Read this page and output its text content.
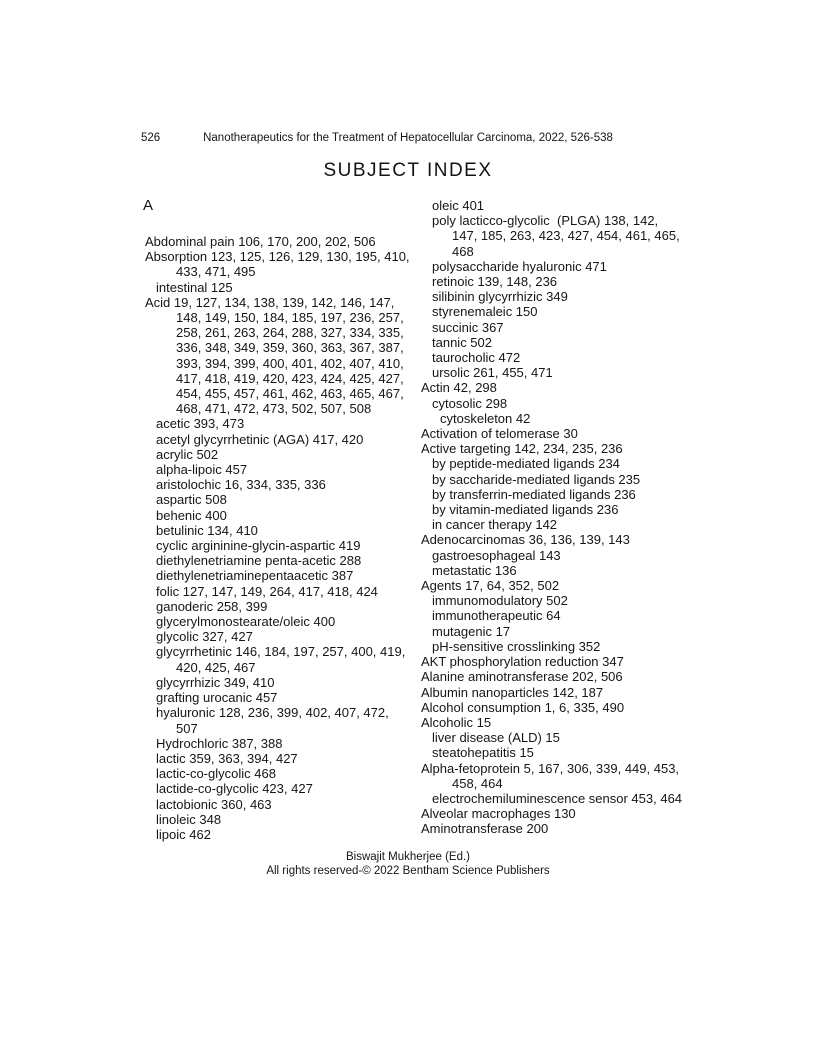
526	Nanotherapeutics for the Treatment of Hepatocellular Carcinoma, 2022, 526-538
SUBJECT INDEX
A
Abdominal pain 106, 170, 200, 202, 506
Absorption 123, 125, 126, 129, 130, 195, 410,
433, 471, 495
intestinal 125
Acid 19, 127, 134, 138, 139, 142, 146, 147,
148, 149, 150, 184, 185, 197, 236, 257,
258, 261, 263, 264, 288, 327, 334, 335,
336, 348, 349, 359, 360, 363, 367, 387,
393, 394, 399, 400, 401, 402, 407, 410,
417, 418, 419, 420, 423, 424, 425, 427,
454, 455, 457, 461, 462, 463, 465, 467,
468, 471, 472, 473, 502, 507, 508
acetic 393, 473
acetyl glycyrrhetinic (AGA) 417, 420
acrylic 502
alpha-lipoic 457
aristolochic 16, 334, 335, 336
aspartic 508
behenic 400
betulinic 134, 410
cyclic argininine-glycin-aspartic 419
diethylenetriamine penta-acetic 288
diethylenetriaminepentaacetic 387
folic 127, 147, 149, 264, 417, 418, 424
ganoderic 258, 399
glycerylmonostearate/oleic 400
glycolic 327, 427
glycyrrhetinic 146, 184, 197, 257, 400, 419,
420, 425, 467
glycyrrhizic 349, 410
grafting urocanic 457
hyaluronic 128, 236, 399, 402, 407, 472,
507
Hydrochloric 387, 388
lactic 359, 363, 394, 427
lactic-co-glycolic 468
lactide-co-glycolic 423, 427
lactobionic 360, 463
linoleic 348
lipoic 462
oleic 401
poly lacticco-glycolic  (PLGA) 138, 142,
147, 185, 263, 423, 427, 454, 461, 465,
468
polysaccharide hyaluronic 471
retinoic 139, 148, 236
silibinin glycyrrhizic 349
styrenemaleic 150
succinic 367
tannic 502
taurocholic 472
ursolic 261, 455, 471
Actin 42, 298
cytosolic 298
cytoskeleton 42
Activation of telomerase 30
Active targeting 142, 234, 235, 236
by peptide-mediated ligands 234
by saccharide-mediated ligands 235
by transferrin-mediated ligands 236
by vitamin-mediated ligands 236
in cancer therapy 142
Adenocarcinomas 36, 136, 139, 143
gastroesophageal 143
metastatic 136
Agents 17, 64, 352, 502
immunomodulatory 502
immunotherapeutic 64
mutagenic 17
pH-sensitive crosslinking 352
AKT phosphorylation reduction 347
Alanine aminotransferase 202, 506
Albumin nanoparticles 142, 187
Alcohol consumption 1, 6, 335, 490
Alcoholic 15
liver disease (ALD) 15
steatohepatitis 15
Alpha-fetoprotein 5, 167, 306, 339, 449, 453,
458, 464
electrochemiluminescence sensor 453, 464
Alveolar macrophages 130
Aminotransferase 200
Biswajit Mukherjee (Ed.)
All rights reserved-© 2022 Bentham Science Publishers
